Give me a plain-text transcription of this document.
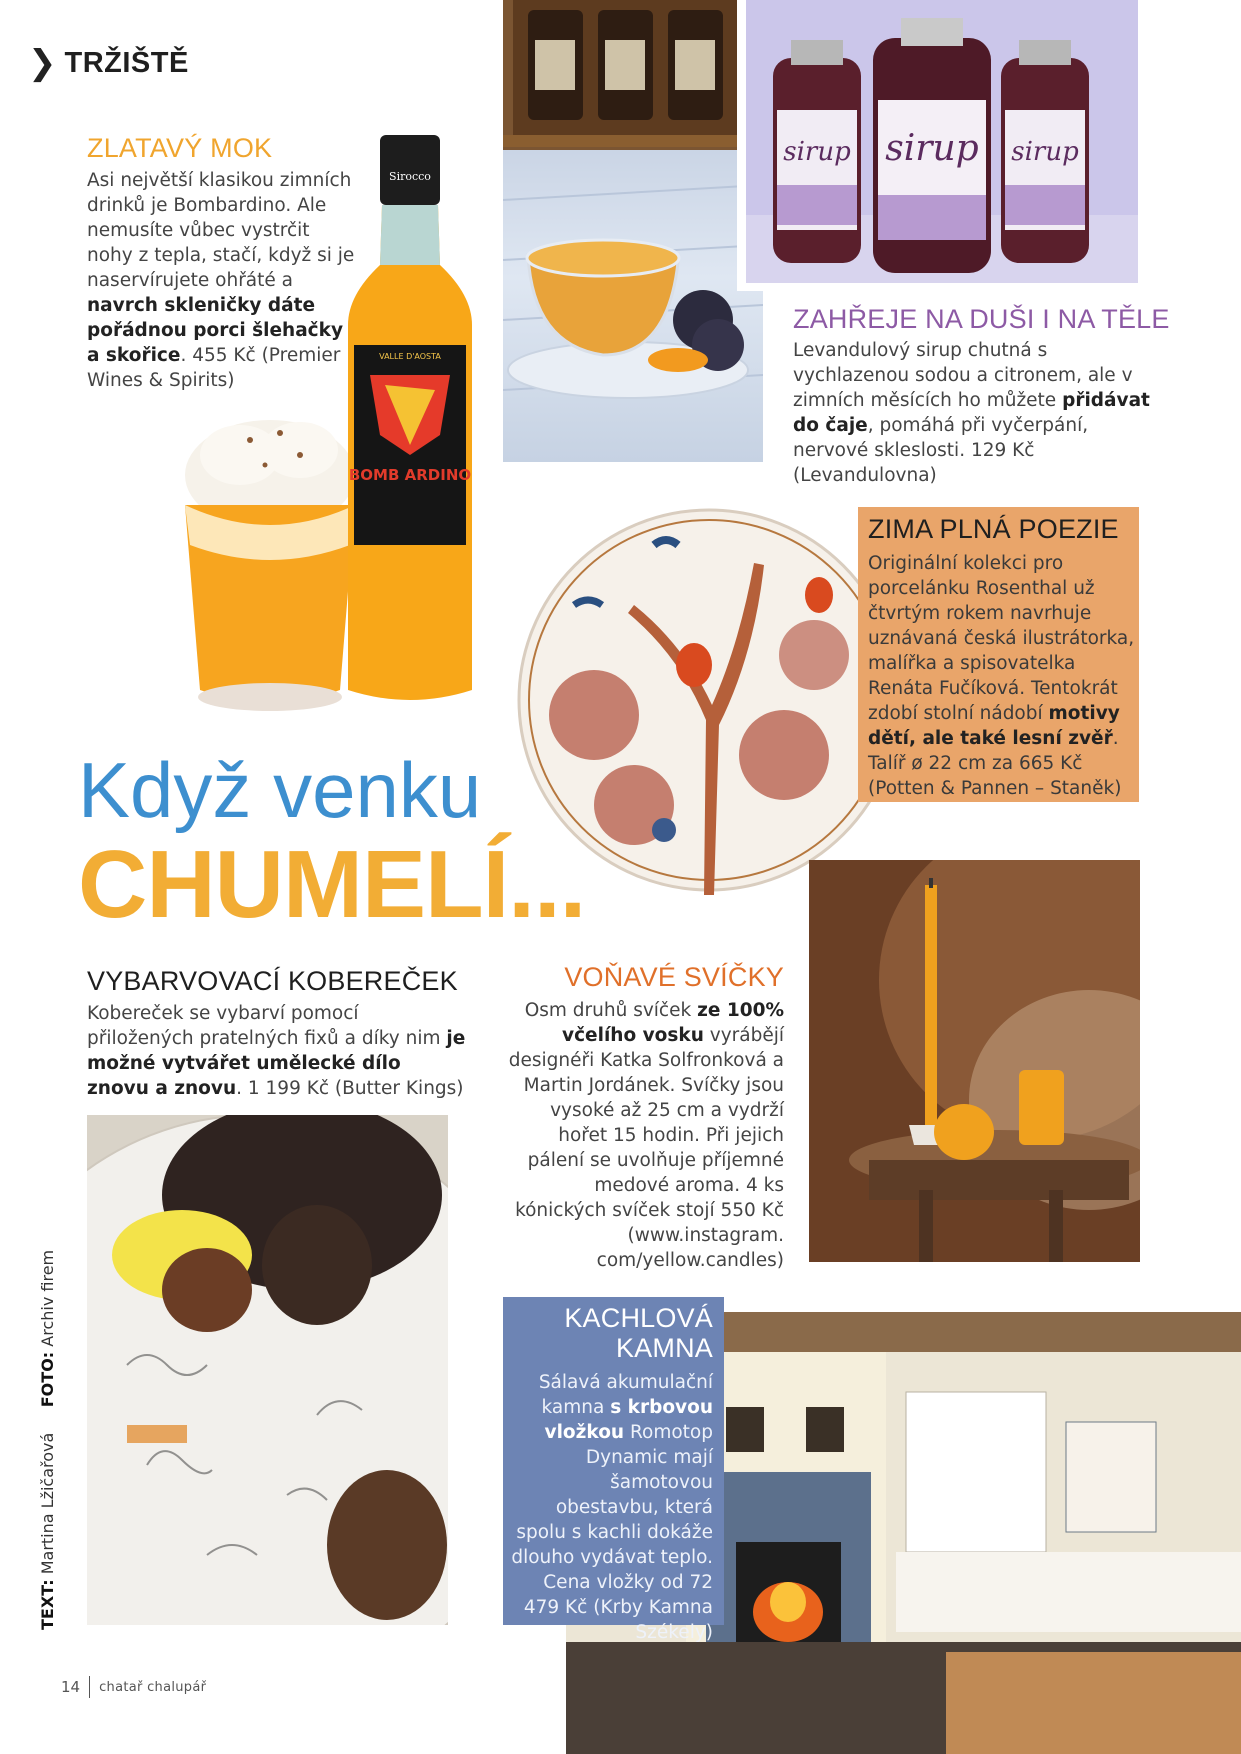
❯ TRŽIŠTĚ
sirup sirup sirup
ZLATAVÝ MOK
Asi největší klasikou zimních drinků je Bombardino. Ale nemusíte vůbec vystrčit nohy z tepla, stačí, když si je naservírujete ohřáté a navrch skleničky dáte pořádnou porci šlehačky a skořice. 455 Kč (Premier Wines & Spirits)
Sirocco
VALLE D'AOSTA
BOMB ARDINO
ZAHŘEJE NA DUŠI I NA TĚLE
Levandulový sirup chutná s vychlazenou sodou a citronem, ale v zimních měsících ho můžete přidávat do čaje, pomáhá při vyčerpání, nervové skleslosti. 129 Kč (Levandulovna)
ZIMA PLNÁ POEZIE
Originální kolekci pro porcelánku Rosenthal už čtvrtým rokem navrhuje uznávaná česká ilustrátorka, malířka a spisovatelka Renáta Fučíková. Tentokrát zdobí stolní nádobí motivy dětí, ale také lesní zvěř. Talíř ø 22 cm za 665 Kč (Potten & Pannen – Staněk)
Když venku
CHUMELÍ...
VYBARVOVACÍ KOBEREČEK
Kobereček se vybarví pomocí přiložených pratelných fixů a díky nim je možné vytvářet umělecké dílo znovu a znovu. 1 199 Kč (Butter Kings)
VOŇAVÉ SVÍČKY
Osm druhů svíček ze 100% včelího vosku vyrábějí designéři Katka Solfronková a Martin Jordánek. Svíčky jsou vysoké až 25 cm a vydrží hořet 15 hodin. Při jejich pálení se uvolňuje příjemné medové aroma. 4 ks kónických svíček stojí 550 Kč (www.instagram. com/yellow.candles)
KACHLOVÁ KAMNA
Sálavá akumulační kamna s krbovou vložkou Romotop Dynamic mají šamotovou obestavbu, která spolu s kachli dokáže dlouho vydávat teplo. Cena vložky od 72 479 Kč (Krby Kamna Székely)
TEXT: Martina Lžičařová     FOTO: Archiv firem
14 chatař chalupář
